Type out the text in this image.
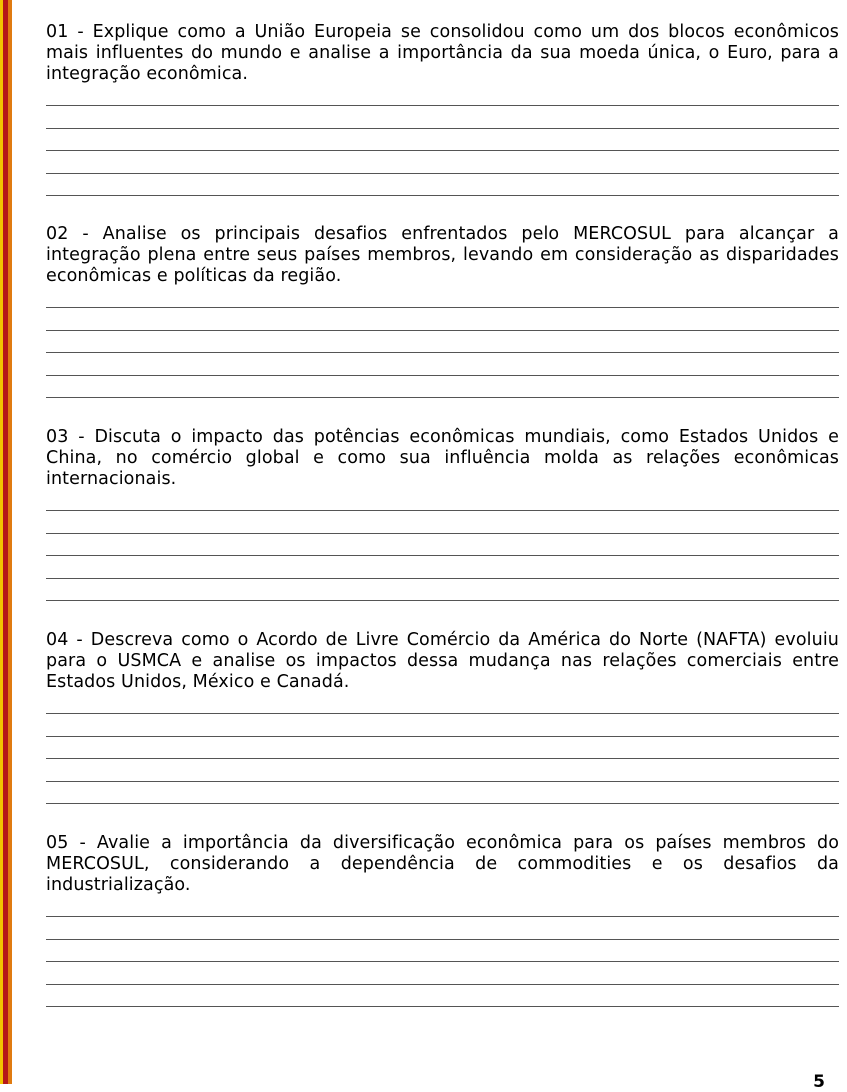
01 - Explique como a União Europeia se consolidou como um dos blocos econômicos mais influentes do mundo e analise a importância da sua moeda única, o Euro, para a integração econômica.

02 - Analise os principais desafios enfrentados pelo MERCOSUL para alcançar a integração plena entre seus países membros, levando em consideração as disparidades econômicas e políticas da região.

03 - Discuta o impacto das potências econômicas mundiais, como Estados Unidos e China, no comércio global e como sua influência molda as relações econômicas internacionais.

04 - Descreva como o Acordo de Livre Comércio da América do Norte (NAFTA) evoluiu para o USMCA e analise os impactos dessa mudança nas relações comerciais entre Estados Unidos, México e Canadá.

05 - Avalie a importância da diversificação econômica para os países membros do MERCOSUL, considerando a dependência de commodities e os desafios da industrialização.

5
